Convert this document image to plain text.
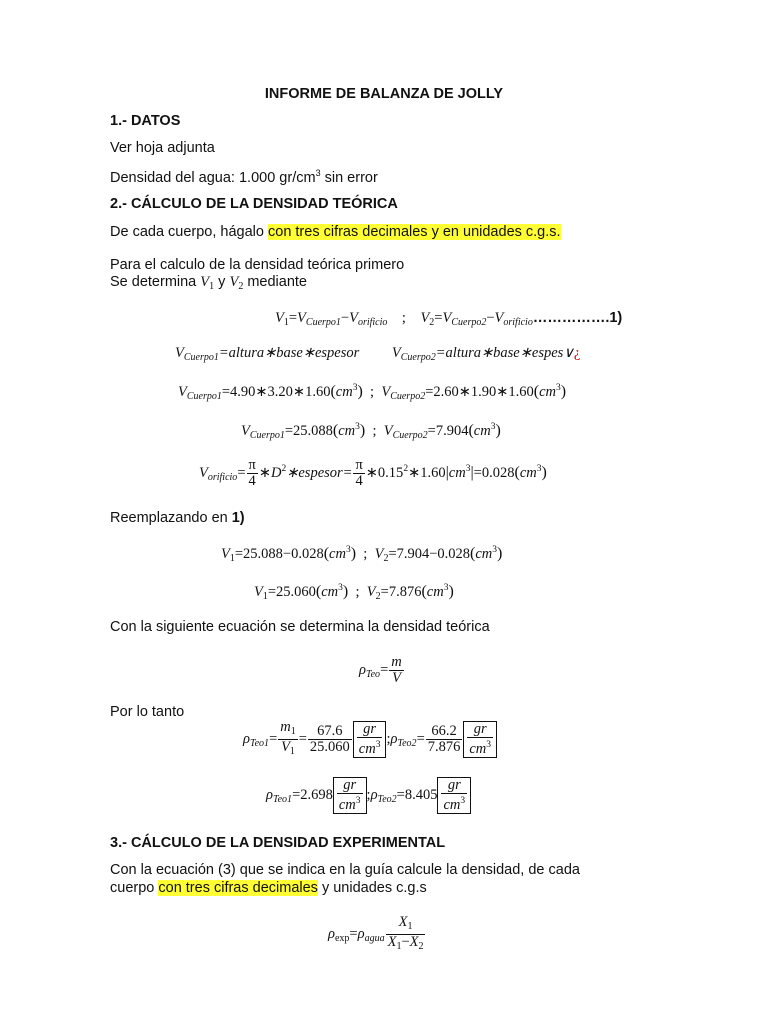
INFORME DE BALANZA DE JOLLY
1.- DATOS
Ver hoja adjunta
Densidad del agua: 1.000 $gr/cm^3$ sin error
2.- CÁLCULO DE LA DENSIDAD TEÓRICA
De cada cuerpo, hágalo con tres cifras decimales y en unidades c.g.s.
Para el calculo de la densidad teórica primero
Se determina $V_1$ y $V_2$ mediante
$V_1=V_{Cuerpo1}-V_{orificio}$    ;    $V_2=V_{Cuerpo2}-V_{orificio}\dots\dots\dots\dots\dots.1$)
$V_{Cuerpo1}=altura∗base∗espesor$ $V_{Cuerpo2}=altura∗base∗espes\vee¿$
$V_{Cuerpo1}=4.90∗3.20∗1.60(cm^3)$  ;  $V_{Cuerpo2}=2.60∗1.90∗1.60(cm^3)$
$V_{Cuerpo1}=25.088(cm^3)$  ;  $V_{Cuerpo2}=7.904(cm^3)$
$V_{orificio}= \frac{\pi}{4}$ $∗D^2∗espesor= \frac{\pi}{4}$ $∗0.15^2∗1.60|cm^3|=0.028(cm^3)$
Reemplazando en 1)
$V_1=25.088-0.028(cm^3)$  ;  $V_2=7.904-0.028(cm^3)$
$V_1=25.060(cm^3)$  ;  $V_2=7.876(cm^3)$
Con la siguiente ecuación se determina la densidad teórica
$\rho_{Teo}= \frac{m}{V}$
Por lo tanto
$\rho_{Teo1}= \frac{m_1}{V_1} = \frac{67.6}{25.060} \frac{gr}{cm^3}$ $;\rho_{Teo2}= \frac{66.2}{7.876} \frac{gr}{cm^3}$
$\rho_{Teo1}=2.698 \frac{gr}{cm^3}$ $;\rho_{Teo2}=8.405 \frac{gr}{cm^3}$
3.- CÁLCULO DE LA DENSIDAD EXPERIMENTAL
Con la ecuación (3) que se indica en la guía calcule la densidad, de cada
cuerpo con tres cifras decimales y unidades c.g.s
$\rho_{exp}=\rho_{agua} \frac{X_1}{X_1-X_2}$
